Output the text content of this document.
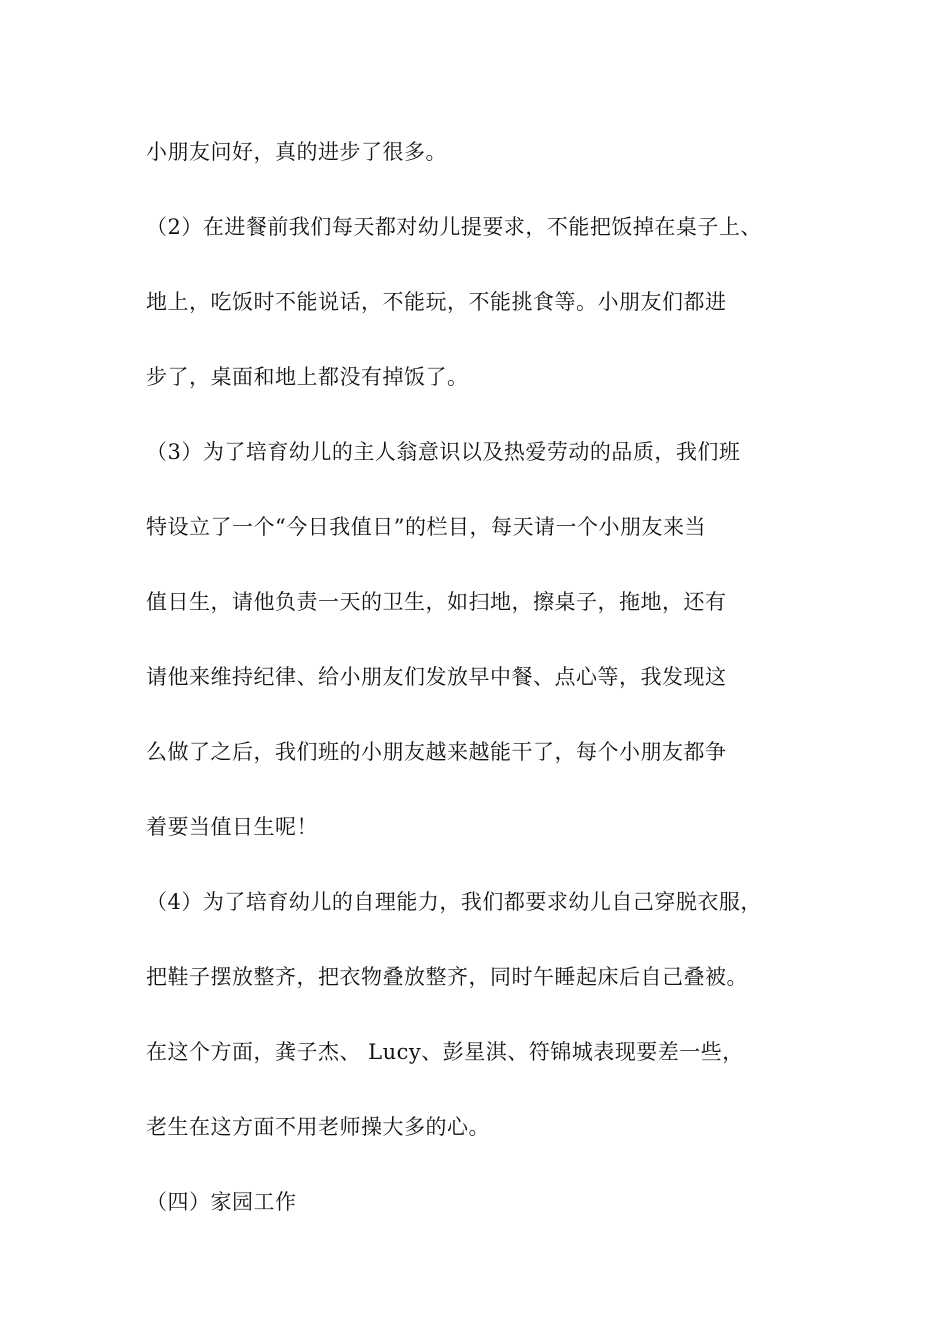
小朋友问好，真的进步了很多。
（2）在进餐前我们每天都对幼儿提要求，不能把饭掉在桌子上、
地上，吃饭时不能说话，不能玩，不能挑食等。小朋友们都进
步了，桌面和地上都没有掉饭了。
（3）为了培育幼儿的主人翁意识以及热爱劳动的品质，我们班
特设立了一个“今日我值日”的栏目，每天请一个小朋友来当
值日生，请他负责一天的卫生，如扫地，擦桌子，拖地，还有
请他来维持纪律、给小朋友们发放早中餐、点心等，我发现这
么做了之后，我们班的小朋友越来越能干了，每个小朋友都争
着要当值日生呢！
（4）为了培育幼儿的自理能力，我们都要求幼儿自己穿脱衣服，
把鞋子摆放整齐，把衣物叠放整齐，同时午睡起床后自己叠被。
在这个方面，龚子杰、 Lucy、彭星淇、符锦城表现要差一些，
老生在这方面不用老师操大多的心。
（四）家园工作
